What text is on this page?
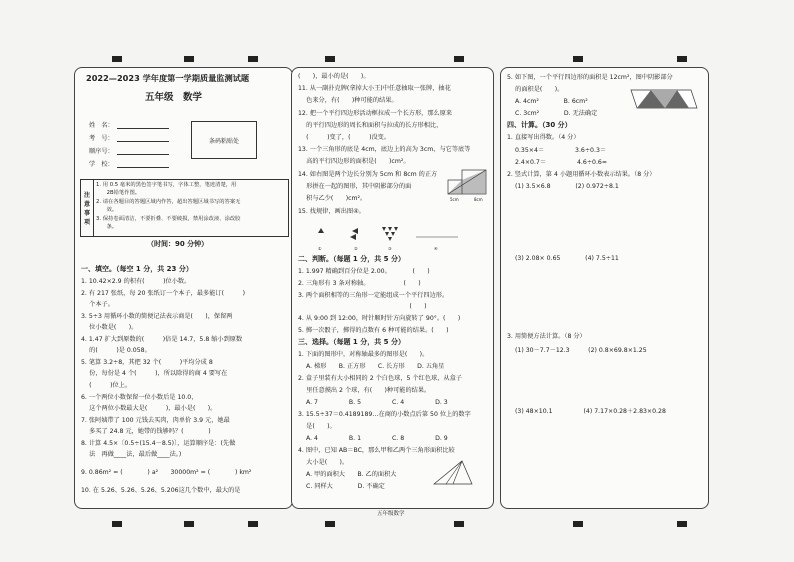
2022—2023 学年度第一学期质量监测试题
五年级　数学
姓　名：
考　号：
顺序号：
学　校：
条码粘贴处
注
意
事
项
1. 用 0.5 毫米的黑色签字笔书写，字体工整，笔迹清楚，用
　　2B铅笔作图。
2. 请在各题目的答题区域内作答，超出答题区域书写的答案无
　　效。
3. 保持卷面清洁，不要折叠、不要破损，禁用涂改液、涂改胶
　　条。
（时间：90 分钟）
一、填空。（每空 1 分，共 23 分）
1. 10.42×2.9 的积有(　　　)位小数。
2. 有 217 张纸，每 20 张纸订一个本子，最多能订(　　　)
　 个本子。
3. 5÷3 用循环小数的简便记法表示商是(　　)，保留两
　 位小数是(　　)。
4. 1.47 扩大到原数的(　　　)倍是 14.7，5.8 缩小到原数
　 的(　　　)是 0.058。
5. 笔算 3.2÷8，其把 32 个(　　　)平均分成 8
　 份，每份是 4 个(　　　)，所以除得的商 4 要写在
　 (　　　)位上。
6. 一个两位小数保留一位小数后是 10.0，
　 这个两位小数最大是(　　　)，最小是(　　)。
7. 张阿姨带了 100 元钱去买肉，肉单价 3.9 元，她最
　 多买了 24.8 元，她带的钱够吗？(　　　　)
8. 计算 4.5×〔0.5÷(15.4－8.5)〕，运算顺序是：(先做
　 法　再做____法，最后做____法。)
9. 0.86m² = (　　　　) a²　　30000m² = (　　　　) km²
10. 在 5.26、5.26̇、5.2̇6̇、5.206这几个数中，最大的是
(　　)，最小的是(　　)。
11. 从一副扑克牌(拿掉大小王)中任意抽取一张牌，抽花
　 色来分，有(　　)种可能的结果。
12. 把一个平行四边形活动框拉成一个长方形，那么原来
　 的平行四边形的周长和面积与拉成的长方形相比，
　 (　　　)变了，(　　　)没变。
13. 一个三角形的底是 4cm，底边上的高为 3cm，与它等底等
　 高的平行四边形的面积是(　　)cm²。
14. 如右图是两个边长分别为 5cm 和 8cm 的正方
　 形拼在一起的图形，其中阴影部分的面
　 积与乙少(　　)cm²。
15. 找规律，画出图④。
5cm	8cm
①	②	③	④
二、判断。（每题 1 分，共 5 分）
1. 1.997 精确到百分位是 2.00。　　　　(　　)
2. 三角形有 3 条对称轴。　　　　　　(　　)
3. 两个面积相等的三角形一定能组成一个平行四边形。
　　　　　　　　　　　　　　　　　　(　　)
4. 从 9:00 到 12:00，时针顺时针方向旋转了 90°。(　　)
5. 掷一次骰子，掷得的点数有 6 种可能的结果。(　　)
三、选择。（每题 1 分，共 5 分）
1. 下面的图形中，对称轴最多的图形是(　　)。
A. 梯形　　B. 正方形　　C. 长方形　　D. 五角星
2. 盒子里装有大小相同的 2 个白色球，5 个红色球，从盒子
　 里任意摸出 2 个球，有(　　)种可能的结果。
A. 7　　　　　B. 5　　　　　C. 4　　　　　D. 3
3. 15.5÷37＝0.4189189…在商的小数点后第 50 位上的数字
　 是(　　)。
A. 4　　　　　B. 1　　　　　C. 8　　　　　D. 9
4. 图中，已知 AB＝BC，那么甲和乙两个三角形面积比较
　 大小是(　　)。
A. 甲的面积大　　B. 乙的面积大
C. 同样大　　　　D. 不确定
5. 如下图，一个平行四边形的面积是 12cm²，图中阴影部分
　 的面积是(　　)。
A. 4cm²　　　　B. 6cm²
C. 3cm²　　　　D. 无法确定
四、计算。（30 分）
1. 直接写出得数。（4 分）
0.35×4＝　　　　　3.6÷0.3＝
2.4×0.7＝　　　　　4.6÷0.6≈
2. 竖式计算，第 4 小题用循环小数表示结果。（8 分）
(1) 3.5×6.8　　　　(2) 0.972÷8.1
(3) 2.08× 0.65　　　　(4) 7.5÷11
3. 用简便方法计算。（8 分）
(1) 30－7.7－12.3　　　(2) 0.8×69.8×1.25
(3) 48×10.1　　　　　(4) 7.17×0.28＋2.83×0.28
五年级数学
